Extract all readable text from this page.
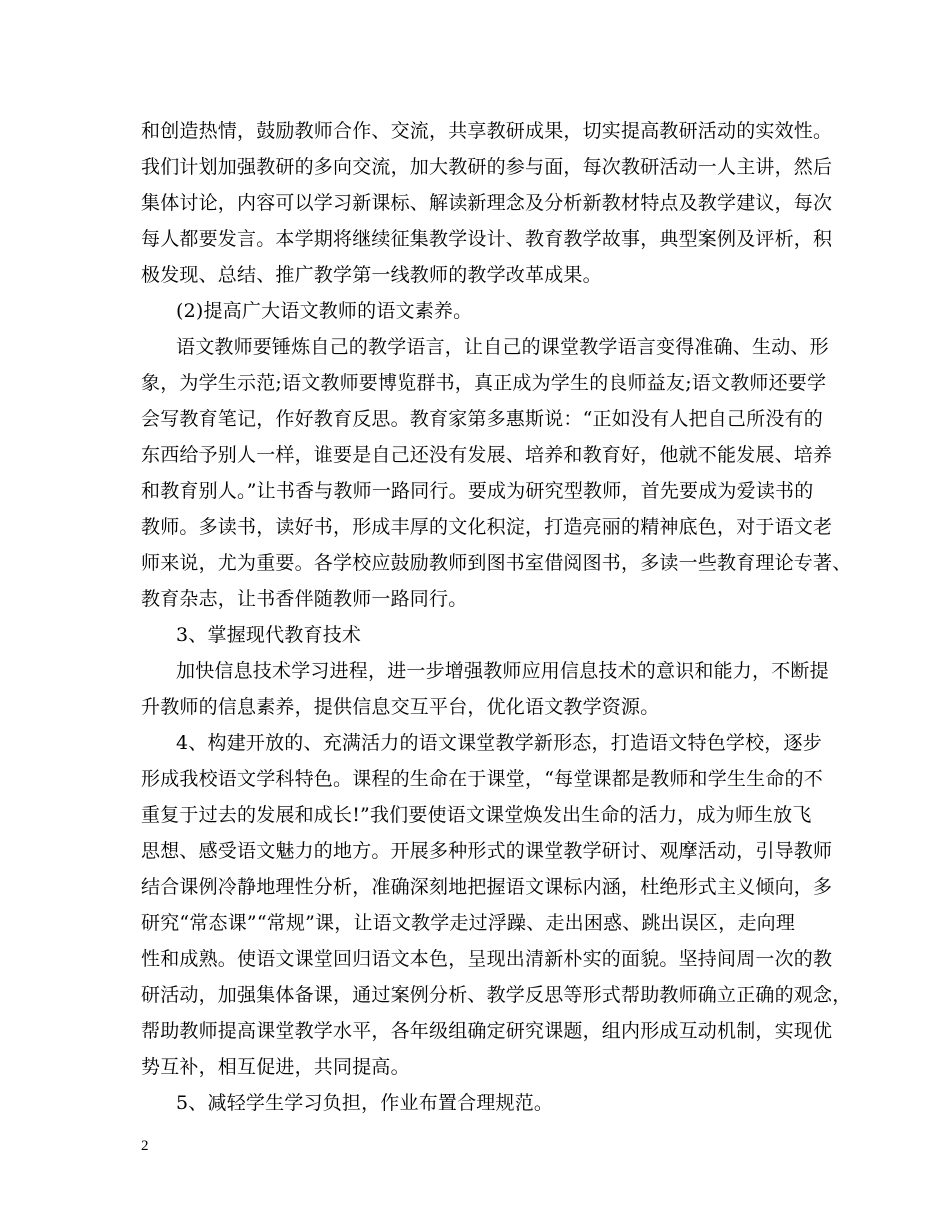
和创造热情，鼓励教师合作、交流，共享教研成果，切实提高教研活动的实效性。
我们计划加强教研的多向交流，加大教研的参与面，每次教研活动一人主讲，然后
集体讨论，内容可以学习新课标、解读新理念及分析新教材特点及教学建议，每次
每人都要发言。本学期将继续征集教学设计、教育教学故事，典型案例及评析，积
极发现、总结、推广教学第一线教师的教学改革成果。
(2)提高广大语文教师的语文素养。
语文教师要锤炼自己的教学语言，让自己的课堂教学语言变得准确、生动、形
象，为学生示范;语文教师要博览群书，真正成为学生的良师益友;语文教师还要学
会写教育笔记，作好教育反思。教育家第多惠斯说：“正如没有人把自己所没有的
东西给予别人一样，谁要是自己还没有发展、培养和教育好，他就不能发展、培养
和教育别人。”让书香与教师一路同行。要成为研究型教师，首先要成为爱读书的
教师。多读书，读好书，形成丰厚的文化积淀，打造亮丽的精神底色，对于语文老
师来说，尤为重要。各学校应鼓励教师到图书室借阅图书，多读一些教育理论专著、
教育杂志，让书香伴随教师一路同行。
3、掌握现代教育技术
加快信息技术学习进程，进一步增强教师应用信息技术的意识和能力，不断提
升教师的信息素养，提供信息交互平台，优化语文教学资源。
4、构建开放的、充满活力的语文课堂教学新形态，打造语文特色学校，逐步
形成我校语文学科特色。课程的生命在于课堂，“每堂课都是教师和学生生命的不
重复于过去的发展和成长!”我们要使语文课堂焕发出生命的活力，成为师生放飞
思想、感受语文魅力的地方。开展多种形式的课堂教学研讨、观摩活动，引导教师
结合课例冷静地理性分析，准确深刻地把握语文课标内涵，杜绝形式主义倾向，多
研究“常态课”“常规”课，让语文教学走过浮躁、走出困惑、跳出误区，走向理
性和成熟。使语文课堂回归语文本色，呈现出清新朴实的面貌。坚持间周一次的教
研活动，加强集体备课，通过案例分析、教学反思等形式帮助教师确立正确的观念，
帮助教师提高课堂教学水平，各年级组确定研究课题，组内形成互动机制，实现优
势互补，相互促进，共同提高。
5、减轻学生学习负担，作业布置合理规范。
2
